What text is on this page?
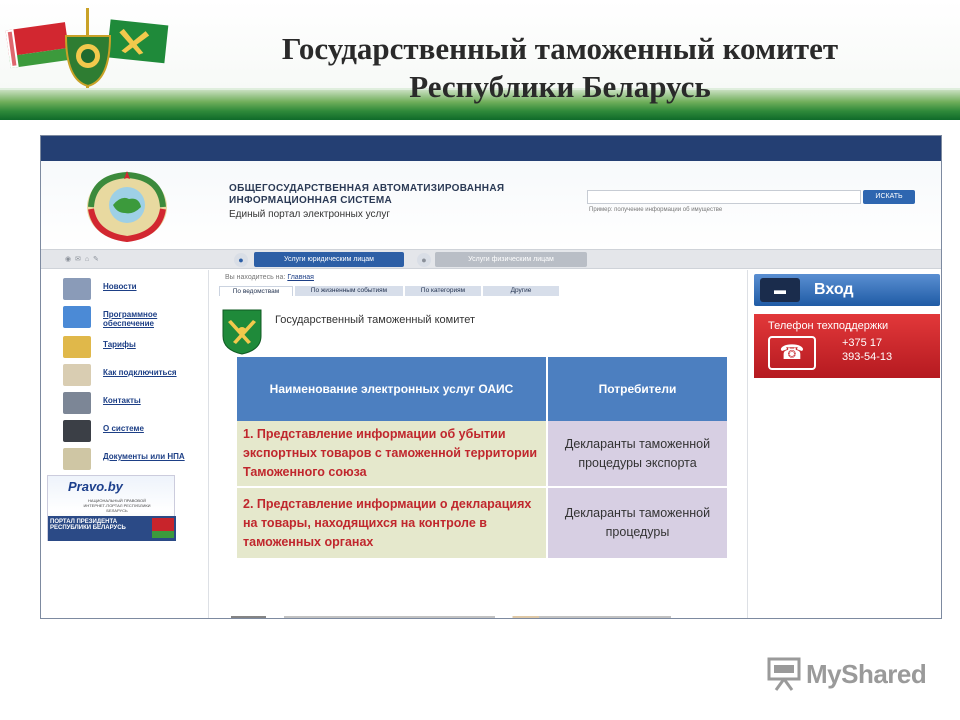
Государственный таможенный комитет
Республики Беларусь
ОБЩЕГОСУДАРСТВЕННАЯ АВТОМАТИЗИРОВАННАЯ
ИНФОРМАЦИОННАЯ СИСТЕМА
Единый портал электронных услуг
ИСКАТЬ
Пример: получение информации об имуществе
◉ ✉ ⌂ ✎	●	Услуги юридическим лицам	●	Услуги физическим лицам
Новости
Программное обеспечение
Тарифы
Как подключиться
Контакты
О системе
Документы или НПА
Pravo.by
НАЦИОНАЛЬНЫЙ ПРАВОВОЙ ИНТЕРНЕТ-ПОРТАЛ РЕСПУБЛИКИ БЕЛАРУСЬ
ПОРТАЛ ПРЕЗИДЕНТА РЕСПУБЛИКИ БЕЛАРУСЬ
Вы находитесь на: Главная
По ведомствам	По жизненным событиям	По категориям	Другие
Государственный таможенный комитет
Наименование электронных услуг ОАИС	Потребители
1. Представление информации об убытии экспортных товаров с таможенной территории Таможенного союза	Декларанты таможенной процедуры экспорта
2. Представление информации о декларациях на товары, находящихся на контроле в таможенных органах	Декларанты таможенной процедуры
▬	Вход
Телефон техподдержки
☎	+375 17
393-54-13
MyShared
